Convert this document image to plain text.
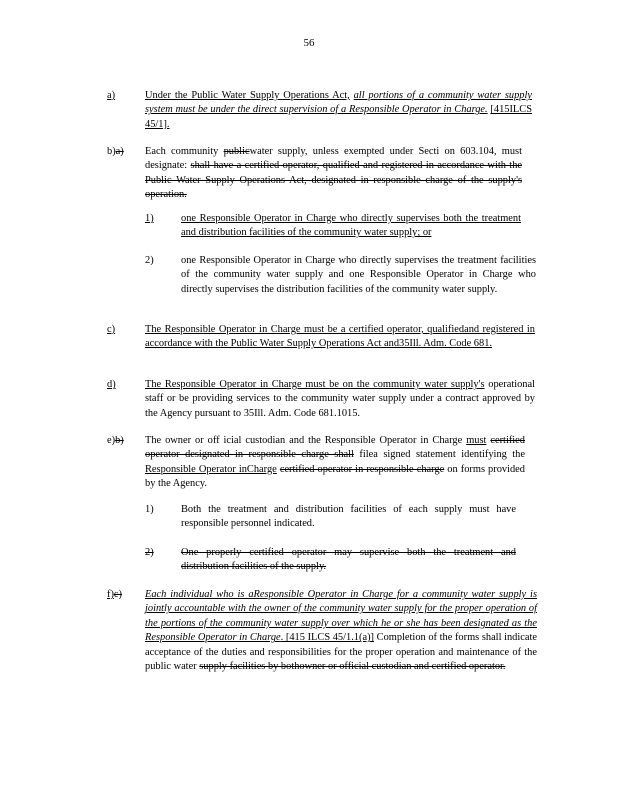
56
a)	Under the Public Water Supply Operations Act, all portions of a community water supply system must be under the direct supervision of a Responsible Operator in Charge. [415ILCS 45/1].
b)a) Each community publicwater supply, unless exempted under Secti on 603.104, must designate: shall have a certified operator, qualified and registered in accordance with the Public Water Supply Operations Act, designated in responsible charge of the supply's operation.
1)	one Responsible Operator in Charge who directly supervises both the treatment and distribution facilities of the community water supply; or
2)	one Responsible Operator in Charge who directly supervises the treatment facilities of the community water supply and one Responsible Operator in Charge who directly supervises the distribution facilities of the community water supply.
c)	The Responsible Operator in Charge must be a certified operator, qualifiedand registered in accordance with the Public Water Supply Operations Act and35Ill. Adm. Code 681.
d)	The Responsible Operator in Charge must be on the community water supply's operational staff or be providing services to the community water supply under a contract approved by the Agency pursuant to 35Ill. Adm. Code 681.1015.
e)b) The owner or off icial custodian and the Responsible Operator in Charge must certified operator designated in responsible charge shall filea signed statement identifying the Responsible Operator inCharge certified operator in responsible charge on forms provided by the Agency.
1)	Both the treatment and distribution facilities of each supply must have responsible personnel indicated.
2)	One properly certified operator may supervise both the treatment and distribution facilities of the supply.
f)c) Each individual who is aResponsible Operator in Charge for a community water supply is jointly accountable with the owner of the community water supply for the proper operation of the portions of the community water supply over which he or she has been designated as the Responsible Operator in Charge. [415 ILCS 45/1.1(a)] Completion of the forms shall indicate acceptance of the duties and responsibilities for the proper operation and maintenance of the public water supply facilities by bothowner or official custodian and certified operator.
